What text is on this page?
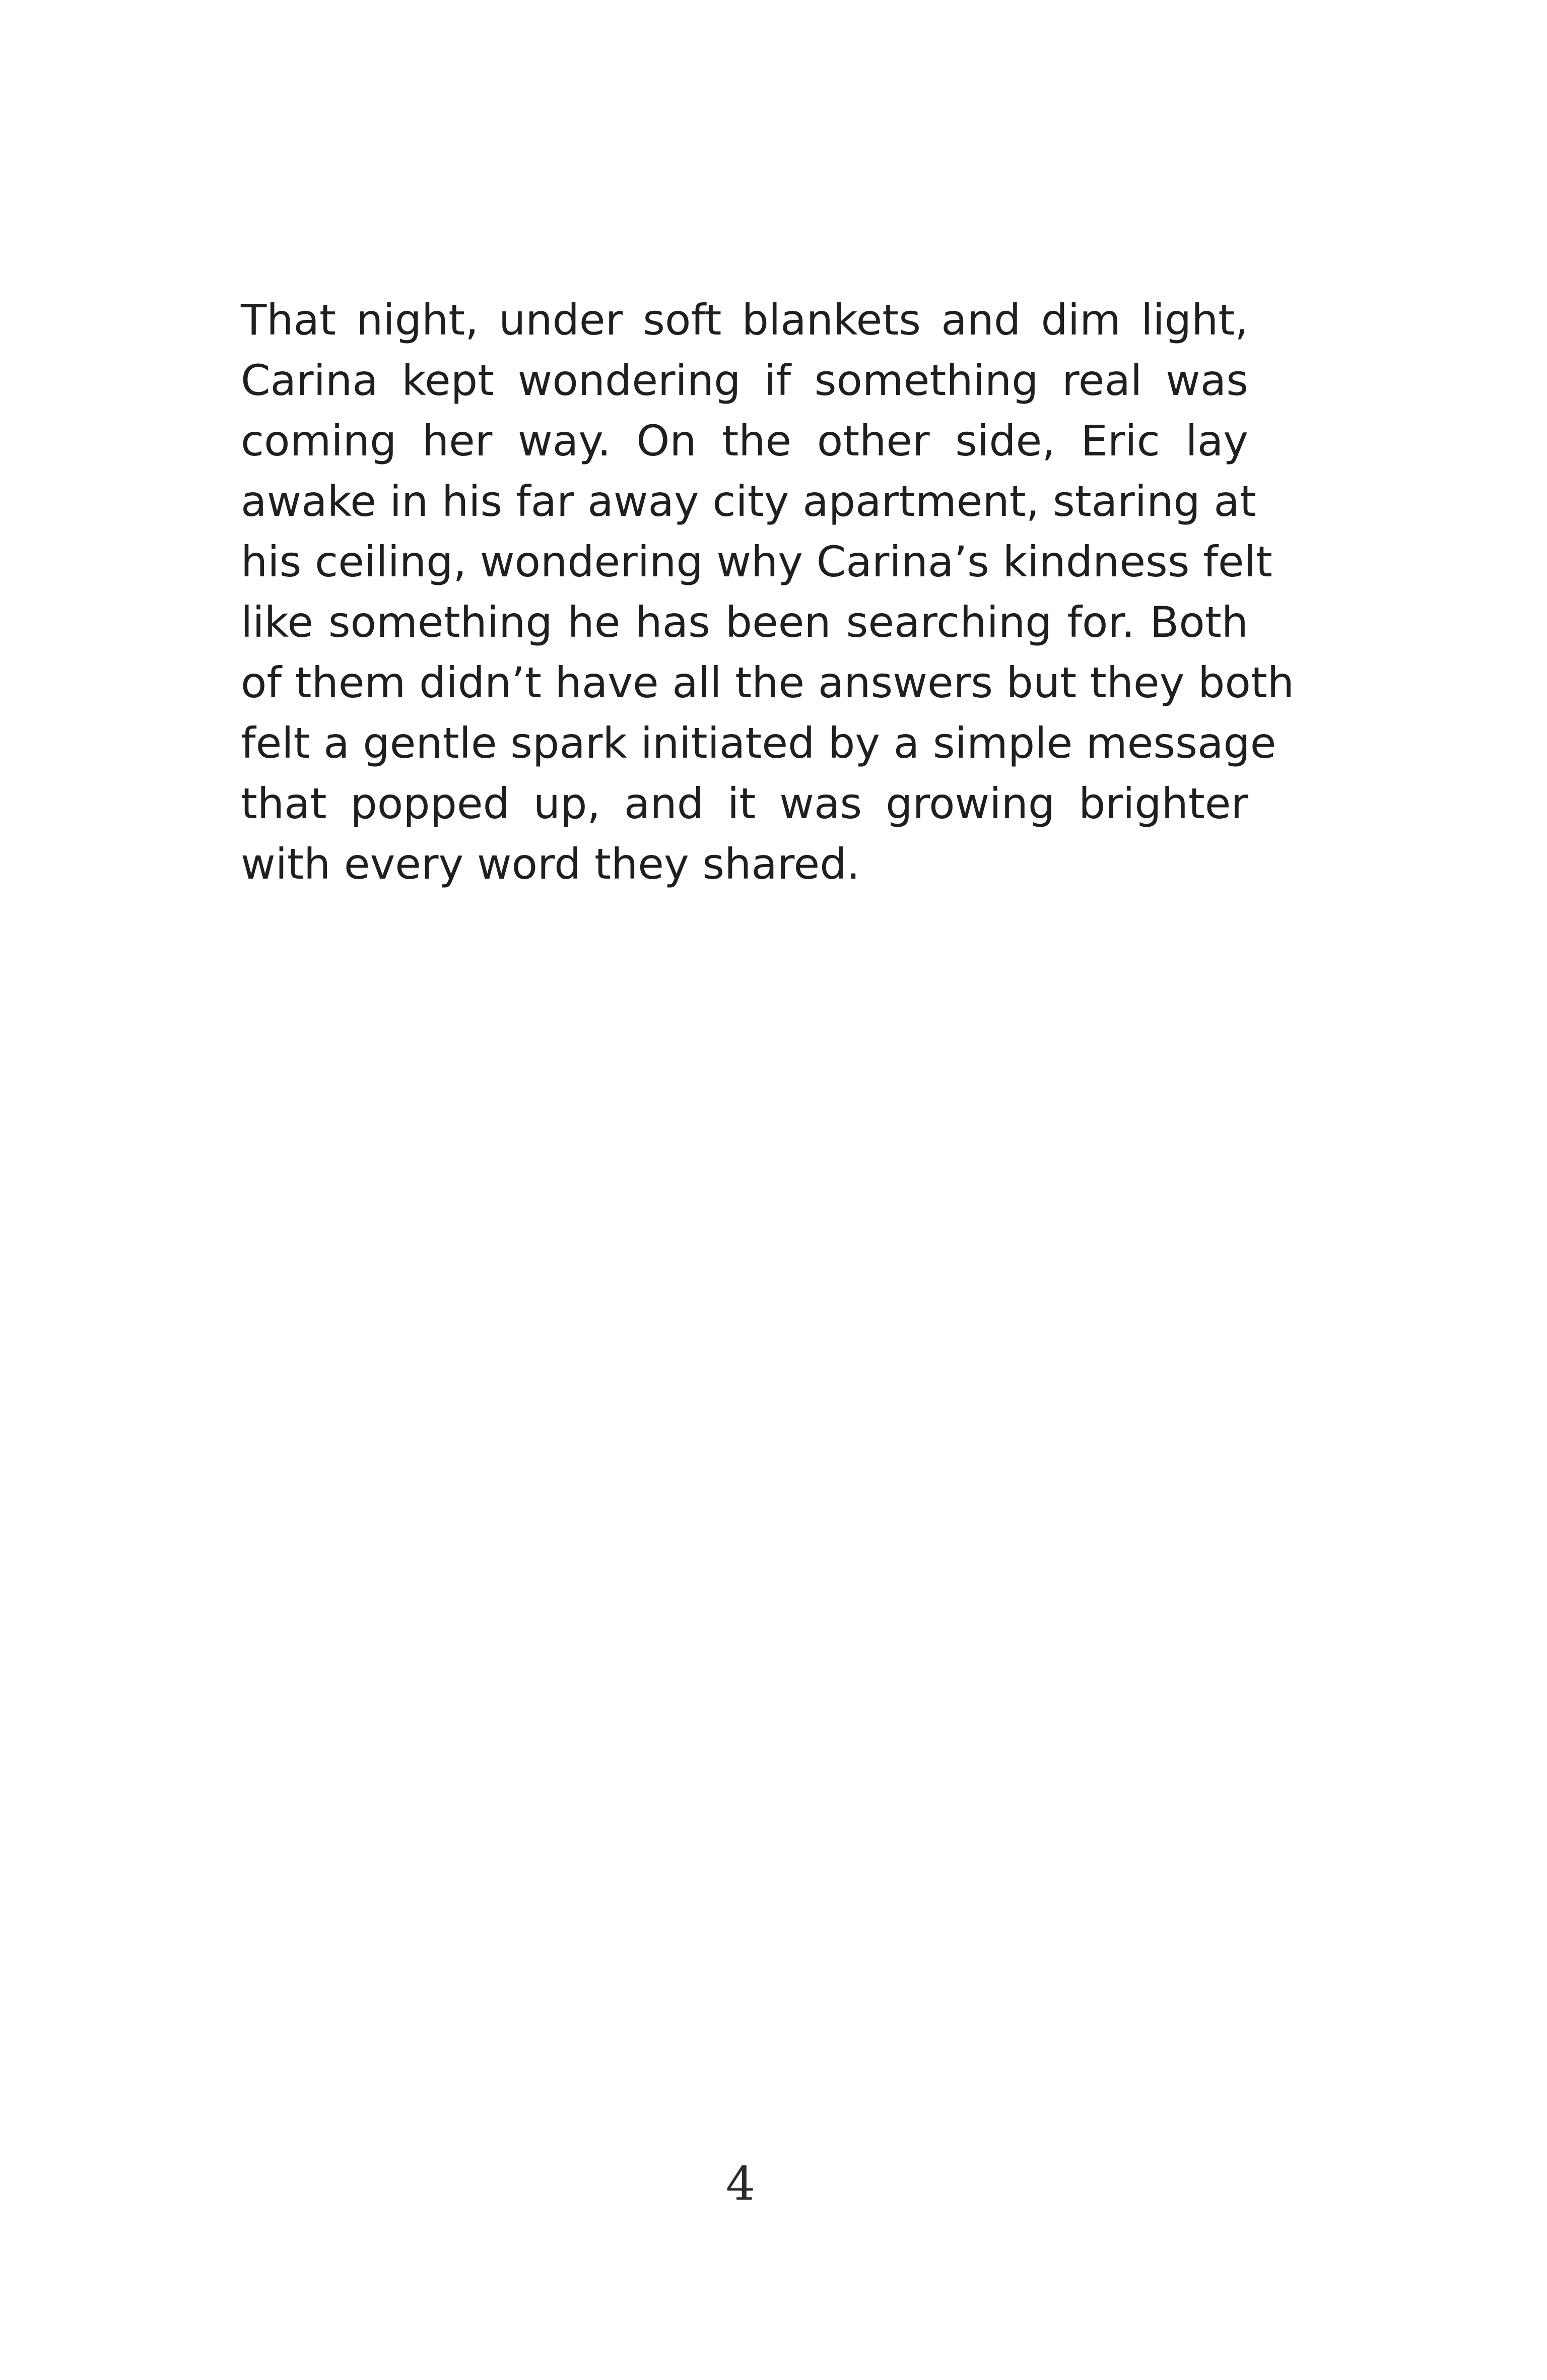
That night, under soft blankets and dim light,
Carina kept wondering if something real was
coming her way. On the other side, Eric lay
awake in his far away city apartment, staring at
his ceiling, wondering why Carina’s kindness felt
like something he has been searching for. Both
of them didn’t have all the answers but they both
felt a gentle spark initiated by a simple message
that popped up, and it was growing brighter
with every word they shared.

4
